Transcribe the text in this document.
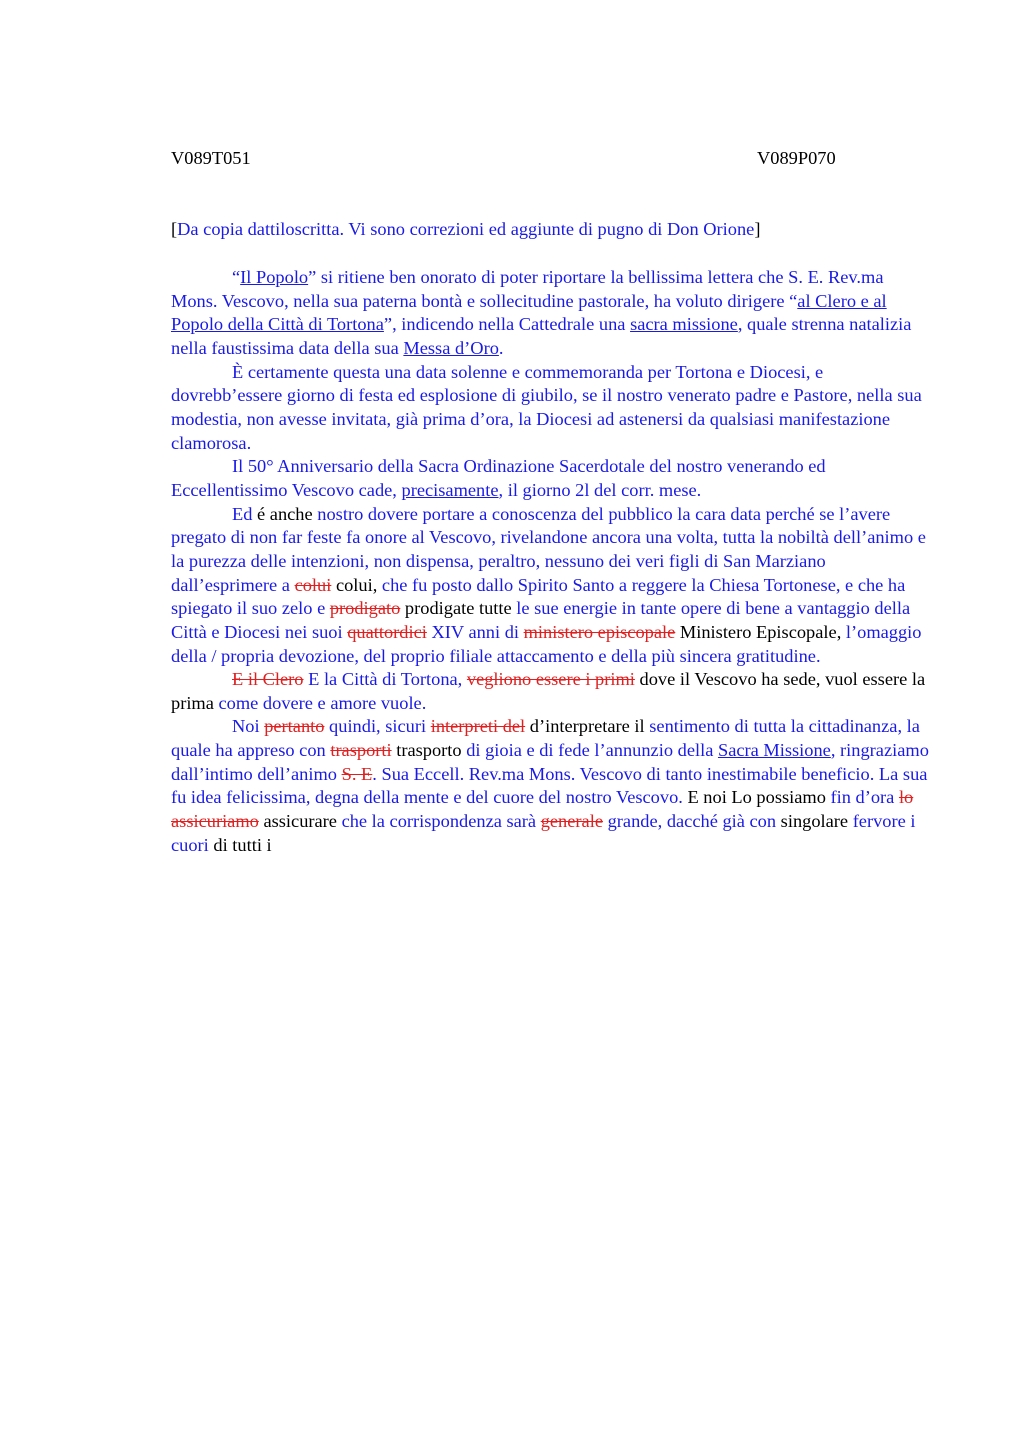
V089T051	V089P070
[Da copia dattiloscritta. Vi sono correzioni ed aggiunte di pugno di Don Orione]

“Il Popolo” si ritiene ben onorato di poter riportare la bellissima lettera che S. E. Rev.ma Mons. Vescovo, nella sua paterna bontà e sollecitudine pastorale, ha voluto dirigere “al Clero e al Popolo della Città di Tortona”, indicendo nella Cattedrale una sacra missione, quale strenna natalizia nella faustissima data della sua Messa d’Oro.

È certamente questa una data solenne e commemoranda per Tortona e Diocesi, e dovrebb’essere giorno di festa ed esplosione di giubilo, se il nostro venerato padre e Pastore, nella sua modestia, non avesse invitata, già prima d’ora, la Diocesi ad astenersi da qualsiasi manifestazione clamorosa.

Il 50° Anniversario della Sacra Ordinazione Sacerdotale del nostro venerando ed Eccellentissimo Vescovo cade, precisamente, il giorno 2l del corr. mese.

Ed é anche nostro dovere portare a conoscenza del pubblico la cara data perché se l’avere pregato di non far feste fa onore al Vescovo, rivelandone ancora una volta, tutta la nobiltà dell’animo e la purezza delle intenzioni, non dispensa, peraltro, nessuno dei veri figli di San Marziano dall’esprimere a colui colui, che fu posto dallo Spirito Santo a reggere la Chiesa Tortonese, e che ha spiegato il suo zelo e prodigato prodigate tutte le sue energie in tante opere di bene a vantaggio della Città e Diocesi nei suoi quattordici XIV anni di ministero episcopale Ministero Episcopale, l’omaggio della / propria devozione, del proprio filiale attaccamento e della più sincera gratitudine.

E il Clero E la Città di Tortona, vegliono essere i primi dove il Vescovo ha sede, vuol essere la prima come dovere e amore vuole.

Noi pertanto quindi, sicuri interpreti del d’interpretare il sentimento di tutta la cittadinanza, la quale ha appreso con trasporti trasporto di gioia e di fede l’annunzio della Sacra Missione, ringraziamo dall’intimo dell’animo S. E. Sua Eccell. Rev.ma Mons. Vescovo di tanto inestimabile beneficio. La sua fu idea felicissima, degna della mente e del cuore del nostro Vescovo. E noi Lo possiamo fin d’ora lo assicuriamo assicurare che la corrispondenza sarà generale grande, dacché già con singolare fervore i cuori di tutti i
